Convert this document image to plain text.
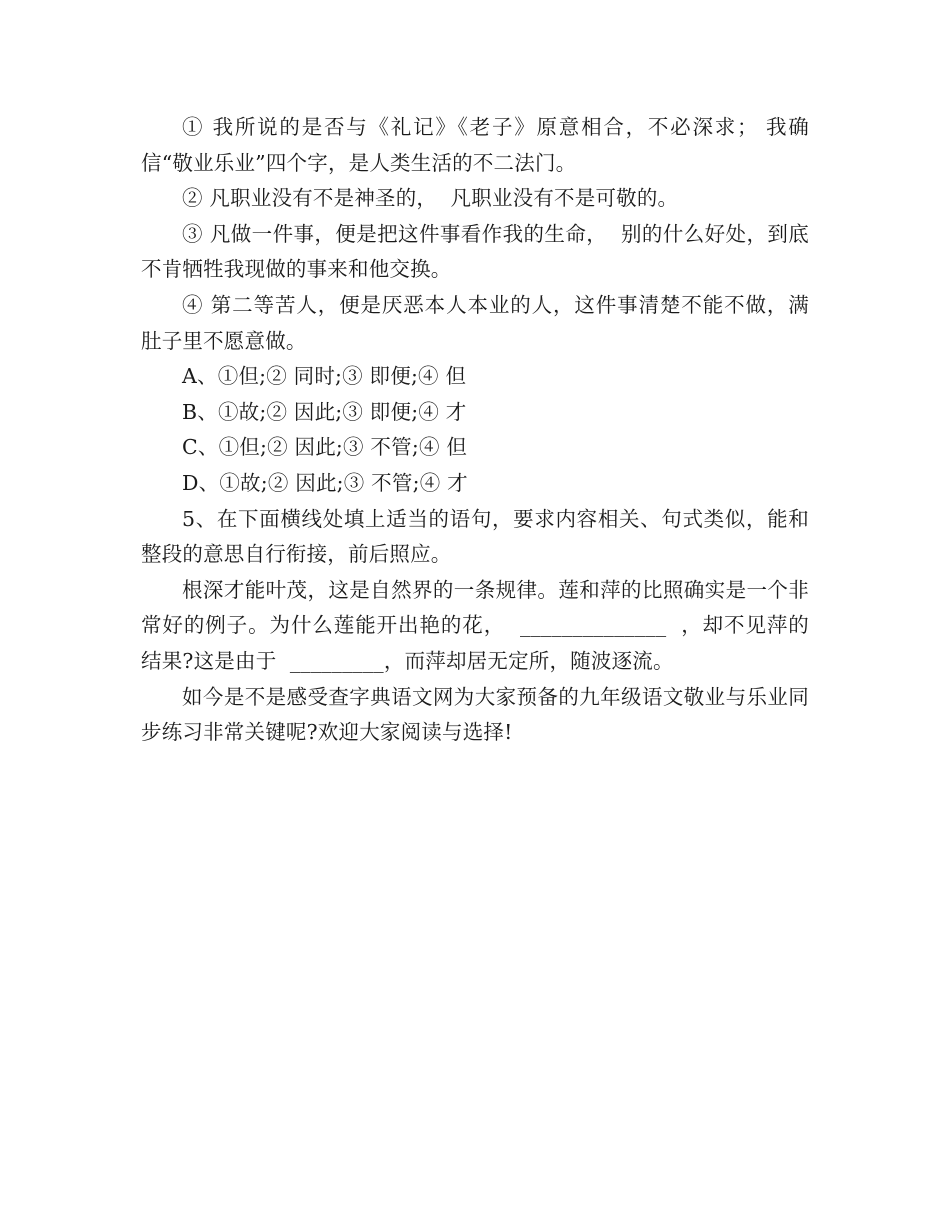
① 我所说的是否与《礼记》《老子》原意相合，不必深求； 我确信“敬业乐业”四个字，是人类生活的不二法门。

② 凡职业没有不是神圣的，  凡职业没有不是可敬的。

③ 凡做一件事，便是把这件事看作我的生命，  别的什么好处，到底不肯牺牲我现做的事来和他交换。

④ 第二等苦人，便是厌恶本人本业的人，这件事清楚不能不做，满肚子里不愿意做。

A、①但;② 同时;③ 即便;④ 但

B、①故;② 因此;③ 即便;④ 才

C、①但;② 因此;③ 不管;④ 但

D、①故;② 因此;③ 不管;④ 才

5、在下面横线处填上适当的语句，要求内容相关、句式类似，能和整段的意思自行衔接，前后照应。

根深才能叶茂，这是自然界的一条规律。莲和萍的比照确实是一个非常好的例子。为什么莲能开出艳的花，  ______________  ，却不见萍的结果?这是由于  _________，而萍却居无定所，随波逐流。

如今是不是感受查字典语文网为大家预备的九年级语文敬业与乐业同步练习非常关键呢?欢迎大家阅读与选择!
